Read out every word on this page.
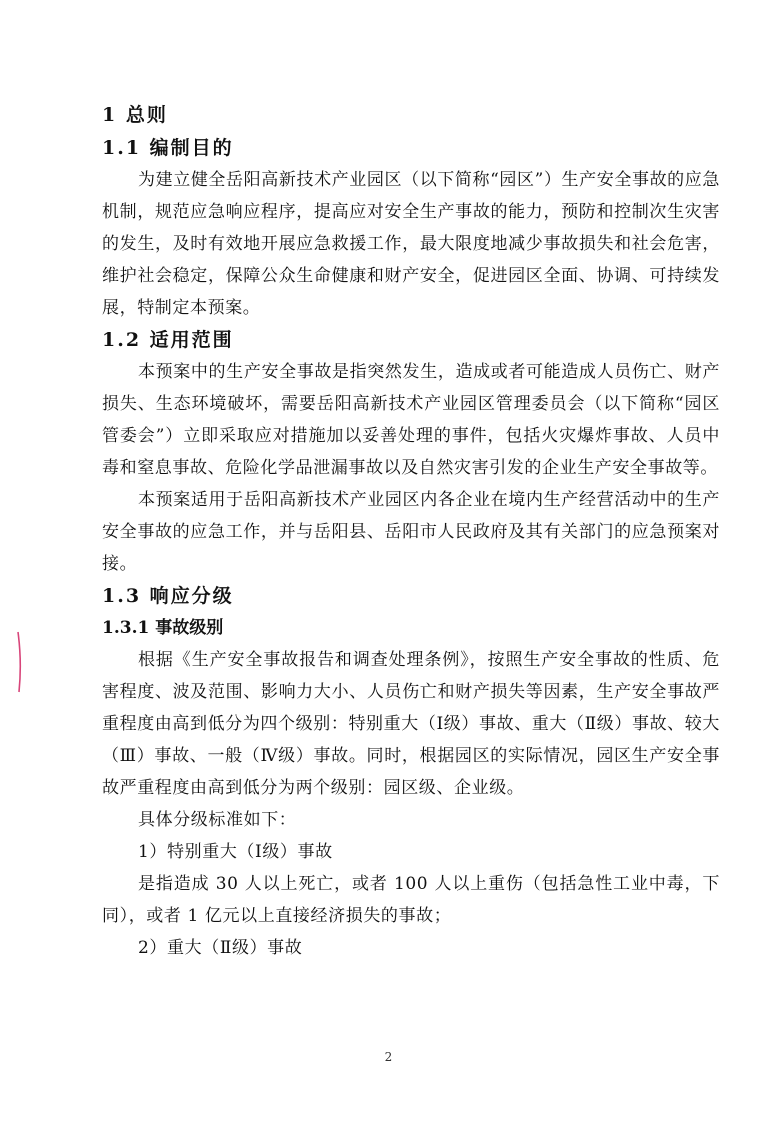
1 总则
1.1 编制目的

为建立健全岳阳高新技术产业园区（以下简称“园区”）生产安全事故的应急机制，规范应急响应程序，提高应对安全生产事故的能力，预防和控制次生灾害的发生，及时有效地开展应急救援工作，最大限度地减少事故损失和社会危害，维护社会稳定，保障公众生命健康和财产安全，促进园区全面、协调、可持续发展，特制定本预案。

1.2 适用范围

本预案中的生产安全事故是指突然发生，造成或者可能造成人员伤亡、财产损失、生态环境破坏，需要岳阳高新技术产业园区管理委员会（以下简称“园区管委会”）立即采取应对措施加以妥善处理的事件，包括火灾爆炸事故、人员中毒和窒息事故、危险化学品泄漏事故以及自然灾害引发的企业生产安全事故等。

本预案适用于岳阳高新技术产业园区内各企业在境内生产经营活动中的生产安全事故的应急工作，并与岳阳县、岳阳市人民政府及其有关部门的应急预案对接。

1.3 响应分级
1.3.1 事故级别

根据《生产安全事故报告和调查处理条例》，按照生产安全事故的性质、危害程度、波及范围、影响力大小、人员伤亡和财产损失等因素，生产安全事故严重程度由高到低分为四个级别：特别重大（Ⅰ级）事故、重大（Ⅱ级）事故、较大（Ⅲ）事故、一般（Ⅳ级）事故。同时，根据园区的实际情况，园区生产安全事故严重程度由高到低分为两个级别：园区级、企业级。

具体分级标准如下：

1）特别重大（Ⅰ级）事故

是指造成 30 人以上死亡，或者 100 人以上重伤（包括急性工业中毒，下同），或者 1 亿元以上直接经济损失的事故；

2）重大（Ⅱ级）事故

2
